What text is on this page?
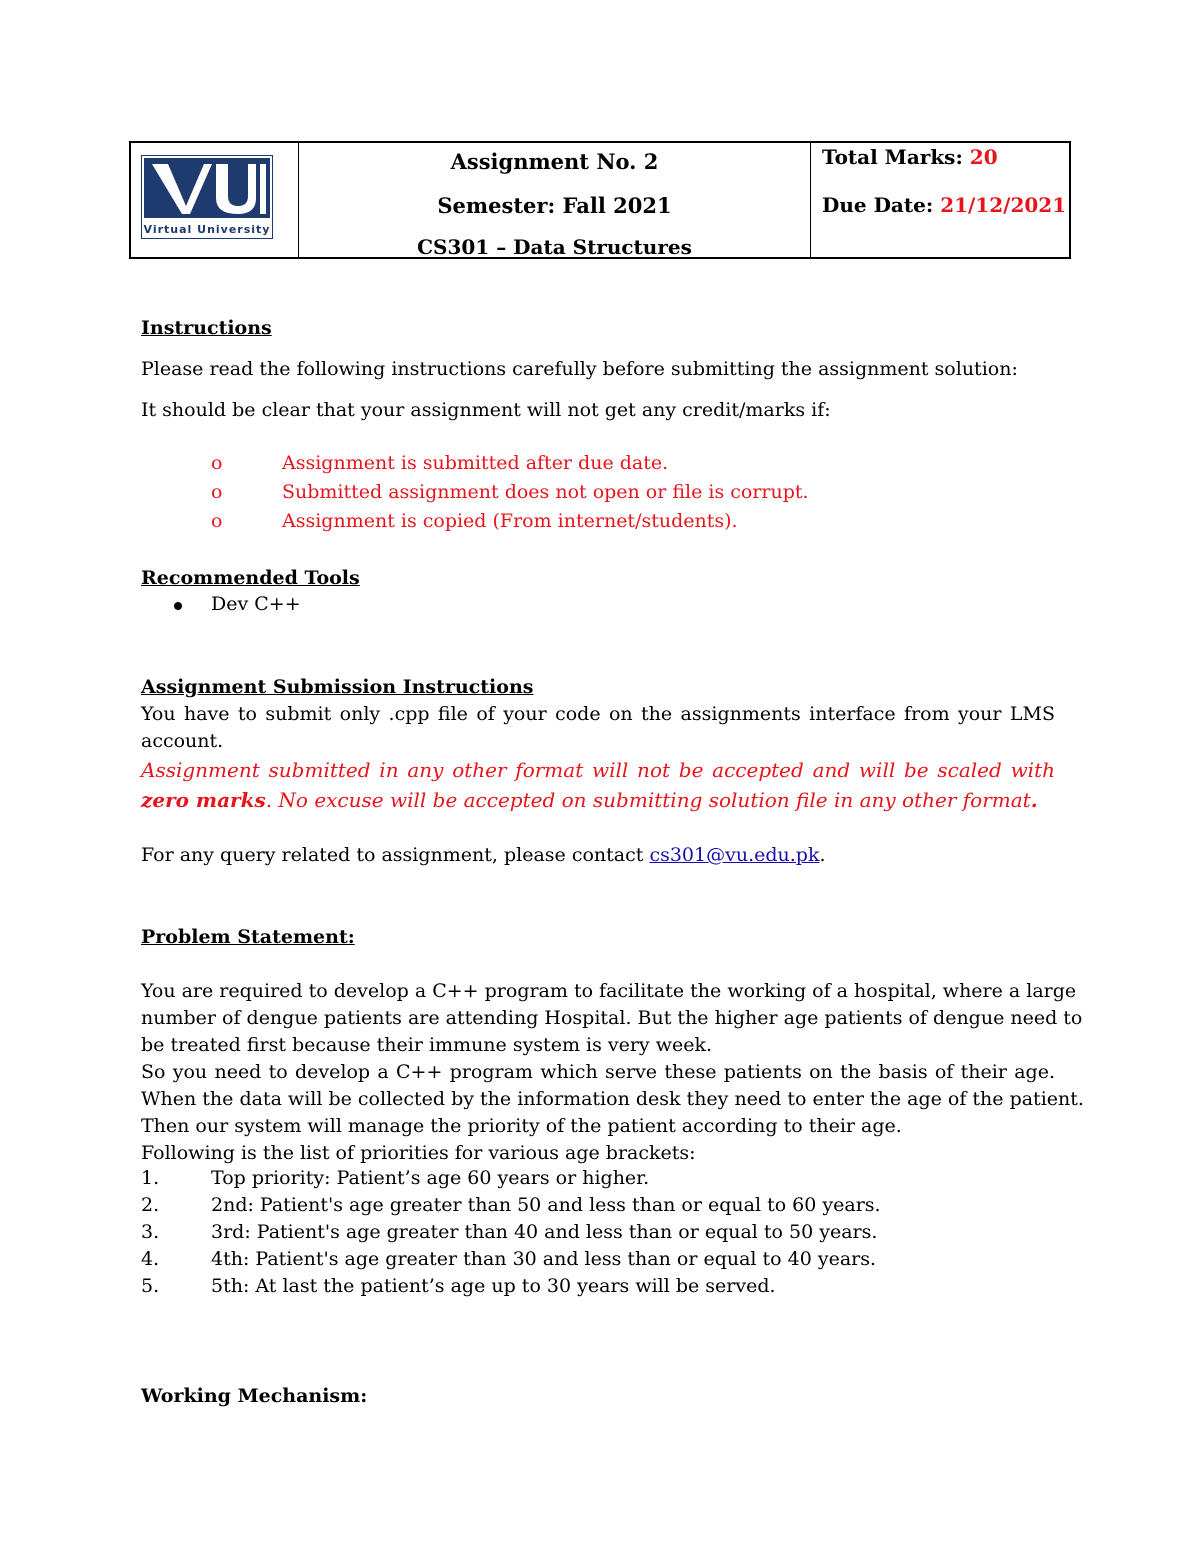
Virtual University
Assignment No. 2
Semester: Fall 2021
CS301 – Data Structures
Total Marks: 20
Due Date: 21/12/2021
Instructions
Please read the following instructions carefully before submitting the assignment solution:
It should be clear that your assignment will not get any credit/marks if:
o	Assignment is submitted after due date.
o	Submitted assignment does not open or file is corrupt.
o	Assignment is copied (From internet/students).
Recommended Tools
Dev C++
Assignment Submission Instructions
You have to submit only .cpp file of your code on the assignments interface from your LMS
account.
Assignment submitted in any other format will not be accepted and will be scaled with
zero marks. No excuse will be accepted on submitting solution file in any other format.
For any query related to assignment, please contact cs301@vu.edu.pk.
Problem Statement:
You are required to develop a C++ program to facilitate the working of a hospital, where a large
number of dengue patients are attending Hospital. But the higher age patients of dengue need to
be treated first because their immune system is very week.
So you need to develop a C++ program which serve these patients on the basis of their age.
When the data will be collected by the information desk they need to enter the age of the patient.
Then our system will manage the priority of the patient according to their age.
Following is the list of priorities for various age brackets:
1.	Top priority: Patient’s age 60 years or higher.
2.	2nd: Patient's age greater than 50 and less than or equal to 60 years.
3.	3rd: Patient's age greater than 40 and less than or equal to 50 years.
4.	4th: Patient's age greater than 30 and less than or equal to 40 years.
5.	5th: At last the patient’s age up to 30 years will be served.
Working Mechanism:
